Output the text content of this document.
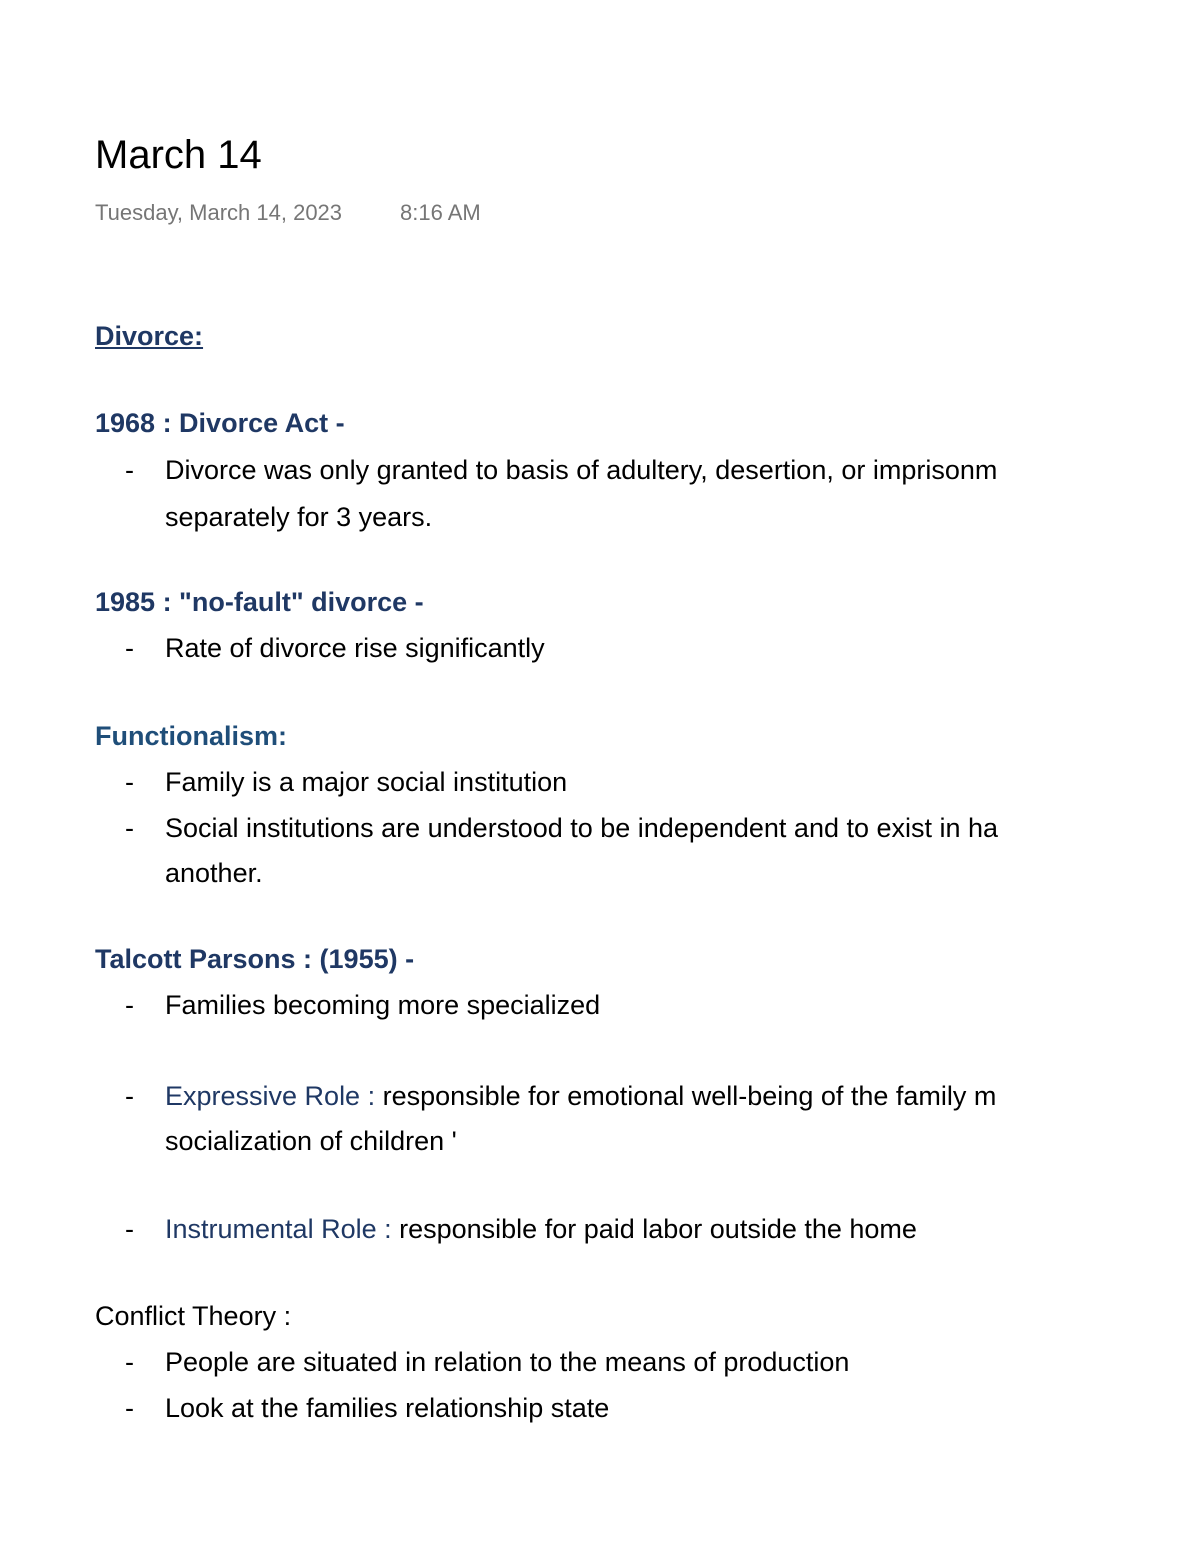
March 14
Tuesday, March 14, 2023	8:16 AM
Divorce:
1968 : Divorce Act -
- Divorce was only granted to basis of adultery, desertion, or imprisonm
separately for 3 years.
1985 : "no-fault" divorce -
- Rate of divorce rise significantly
Functionalism:
- Family is a major social institution
- Social institutions are understood to be independent and to exist in ha
another.
Talcott Parsons : (1955) -
- Families becoming more specialized
- Expressive Role : responsible for emotional well-being of the family m
socialization of children '
- Instrumental Role : responsible for paid labor outside the home
Conflict Theory :
- People are situated in relation to the means of production
- Look at the families relationship state
